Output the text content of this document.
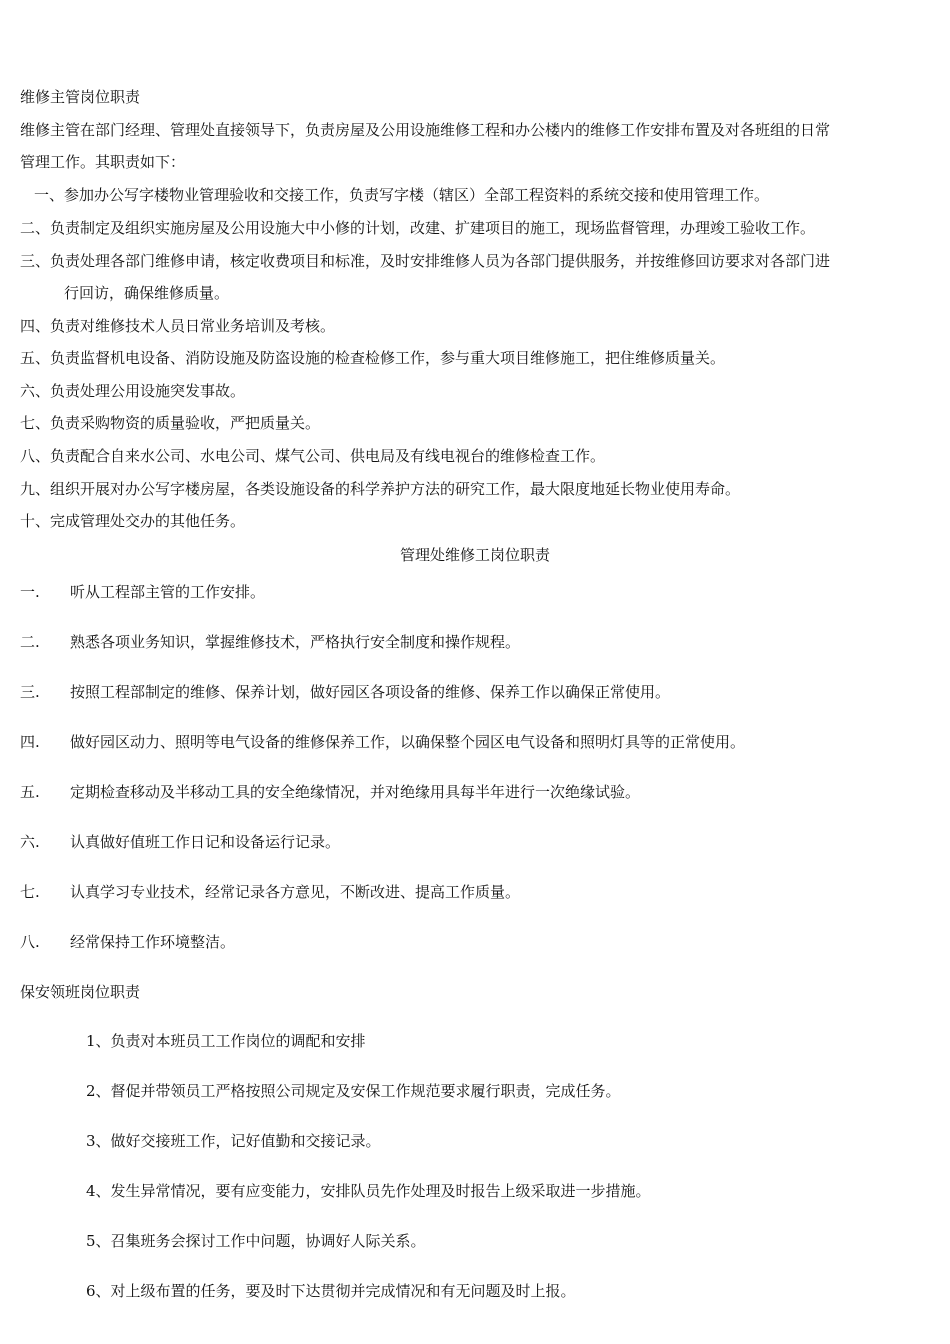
维修主管岗位职责
维修主管在部门经理、管理处直接领导下，负责房屋及公用设施维修工程和办公楼内的维修工作安排布置及对各班组的日常
管理工作。其职责如下：
一、参加办公写字楼物业管理验收和交接工作，负责写字楼（辖区）全部工程资料的系统交接和使用管理工作。
二、负责制定及组织实施房屋及公用设施大中小修的计划，改建、扩建项目的施工，现场监督管理，办理竣工验收工作。
三、负责处理各部门维修申请，核定收费项目和标准，及时安排维修人员为各部门提供服务，并按维修回访要求对各部门进
行回访，确保维修质量。
四、负责对维修技术人员日常业务培训及考核。
五、负责监督机电设备、消防设施及防盗设施的检查检修工作，参与重大项目维修施工，把住维修质量关。
六、负责处理公用设施突发事故。
七、负责采购物资的质量验收，严把质量关。
八、负责配合自来水公司、水电公司、煤气公司、供电局及有线电视台的维修检查工作。
九、组织开展对办公写字楼房屋，各类设施设备的科学养护方法的研究工作，最大限度地延长物业使用寿命。
十、完成管理处交办的其他任务。
管理处维修工岗位职责
一. 听从工程部主管的工作安排。
二. 熟悉各项业务知识，掌握维修技术，严格执行安全制度和操作规程。
三. 按照工程部制定的维修、保养计划，做好园区各项设备的维修、保养工作以确保正常使用。
四. 做好园区动力、照明等电气设备的维修保养工作，以确保整个园区电气设备和照明灯具等的正常使用。
五. 定期检查移动及半移动工具的安全绝缘情况，并对绝缘用具每半年进行一次绝缘试验。
六. 认真做好值班工作日记和设备运行记录。
七. 认真学习专业技术，经常记录各方意见，不断改进、提高工作质量。
八. 经常保持工作环境整洁。
保安领班岗位职责
1、负责对本班员工工作岗位的调配和安排
2、督促并带领员工严格按照公司规定及安保工作规范要求履行职责，完成任务。
3、做好交接班工作，记好值勤和交接记录。
4、发生异常情况，要有应变能力，安排队员先作处理及时报告上级采取进一步措施。
5、召集班务会探讨工作中问题，协调好人际关系。
6、对上级布置的任务，要及时下达贯彻并完成情况和有无问题及时上报。
